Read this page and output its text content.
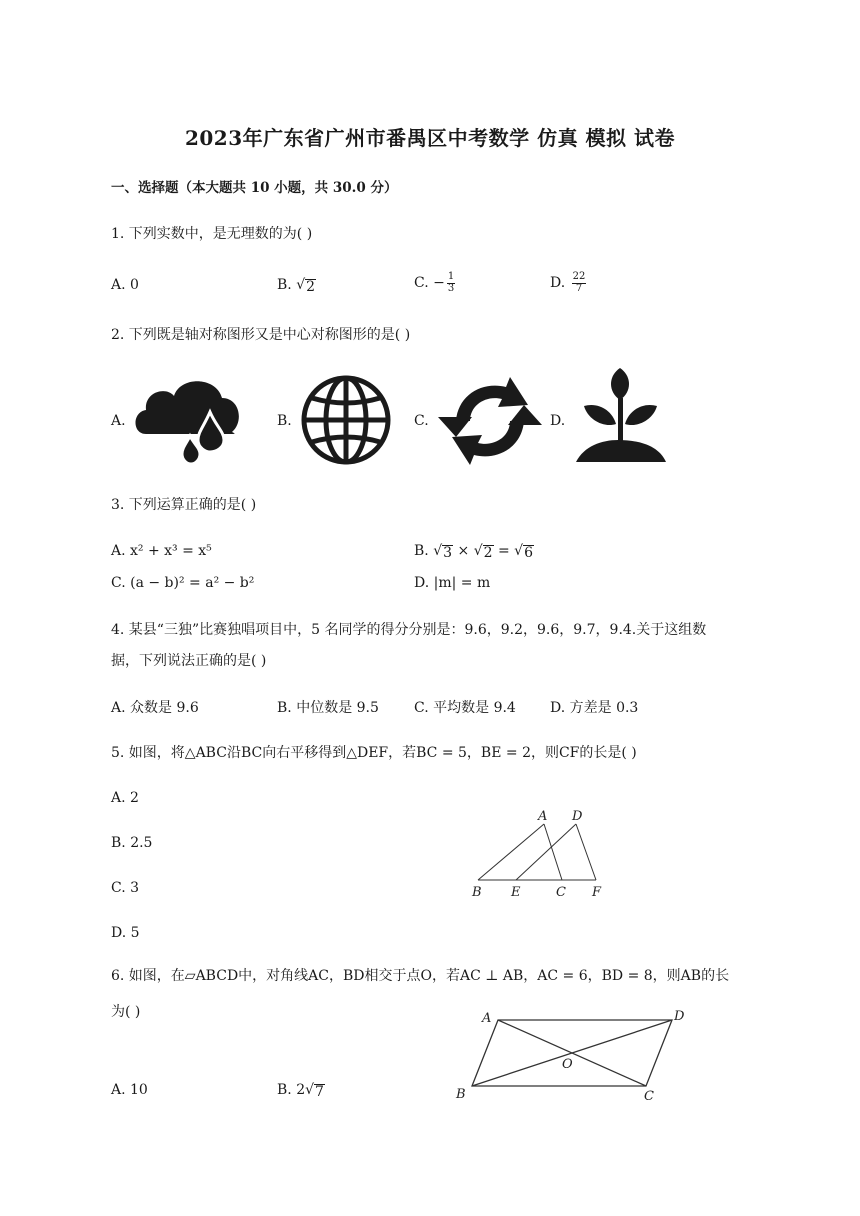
2023年广东省广州市番禺区中考数学 仿真 模拟 试卷
一、选择题（本大题共 10 小题，共 30.0 分）
1. 下列实数中，是无理数的为( )
A. 0	B. √ 2	C. − $\frac{1}{3}$	D. $\frac{22}{7}$
2. 下列既是轴对称图形又是中心对称图形的是( )
A.	B.	C.	D.
3. 下列运算正确的是( )
A. x² + x³ = x⁵	B. √ 3 × √ 2 = √ 6
C. (a − b)² = a² − b²	D. |m| = m
4. 某县“三独”比赛独唱项目中，5 名同学的得分分别是：9.6，9.2，9.6，9.7，9.4.关于这组数
据，下列说法正确的是( )
A. 众数是 9.6	B. 中位数是 9.5	C. 平均数是 9.4 D. 方差是 0.3
5. 如图，将△ABC沿BC向右平移得到△DEF，若BC = 5，BE = 2，则CF的长是( )
A. 2
B. 2.5
C. 3
D. 5
A D
B E	C F
6. 如图，在▱ABCD中，对角线AC，BD相交于点O，若AC ⊥ AB，AC = 6，BD = 8，则AB的长
为( )
A. 10	B. 2 √ 7
A	D
O
B	C
